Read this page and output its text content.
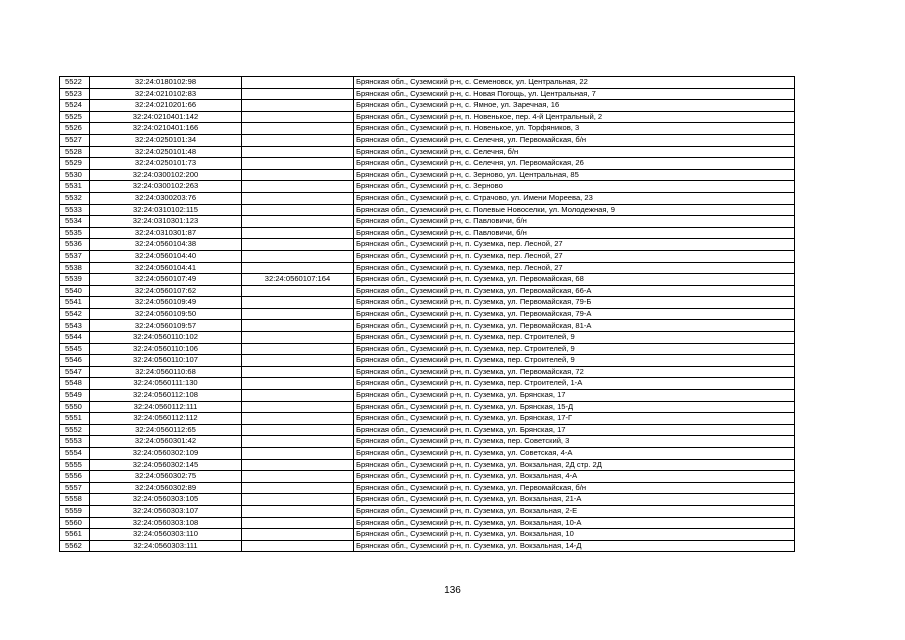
5522	32:24:0180102:98		Брянская обл., Суземский р-н, с. Семеновск, ул. Центральная, 22
5523	32:24:0210102:83		Брянская обл., Суземский р-н, с. Новая Погощь, ул. Центральная, 7
5524	32:24:0210201:66		Брянская обл., Суземский р-н, с. Ямное, ул. Заречная, 16
5525	32:24:0210401:142		Брянская обл., Суземский р-н, п. Новенькое, пер. 4-й Центральный, 2
5526	32:24:0210401:166		Брянская обл., Суземский р-н, п. Новенькое, ул. Торфяников, 3
5527	32:24:0250101:34		Брянская обл., Суземский р-н, с. Селечня, ул. Первомайская, б/н
5528	32:24:0250101:48		Брянская обл., Суземский р-н, с. Селечня, б/н
5529	32:24:0250101:73		Брянская обл., Суземский р-н, с. Селечня, ул. Первомайская, 26
5530	32:24:0300102:200		Брянская обл., Суземский р-н, с. Зерново, ул. Центральная, 85
5531	32:24:0300102:263		Брянская обл., Суземский р-н, с. Зерново
5532	32:24:0300203:76		Брянская обл., Суземский р-н, с. Страчово, ул. Имени Мореева, 23
5533	32:24:0310102:115		Брянская обл., Суземский р-н, с. Полевые Новоселки, ул. Молодежная, 9
5534	32:24:0310301:123		Брянская обл., Суземский р-н, с. Павловичи, б/н
5535	32:24:0310301:87		Брянская обл., Суземский р-н, с. Павловичи, б/н
5536	32:24:0560104:38		Брянская обл., Суземский р-н, п. Суземка, пер. Лесной, 27
5537	32:24:0560104:40		Брянская обл., Суземский р-н, п. Суземка, пер. Лесной, 27
5538	32:24:0560104:41		Брянская обл., Суземский р-н, п. Суземка, пер. Лесной, 27
5539	32:24:0560107:49	32:24:0560107:164	Брянская обл., Суземский р-н, п. Суземка, ул. Первомайская, 68
5540	32:24:0560107:62		Брянская обл., Суземский р-н, п. Суземка, ул. Первомайская, 66-А
5541	32:24:0560109:49		Брянская обл., Суземский р-н, п. Суземка, ул. Первомайская, 79-Б
5542	32:24:0560109:50		Брянская обл., Суземский р-н, п. Суземка, ул. Первомайская, 79-А
5543	32:24:0560109:57		Брянская обл., Суземский р-н, п. Суземка, ул. Первомайская, 81-А
5544	32:24:0560110:102		Брянская обл., Суземский р-н, п. Суземка, пер. Строителей, 9
5545	32:24:0560110:106		Брянская обл., Суземский р-н, п. Суземка, пер. Строителей, 9
5546	32:24:0560110:107		Брянская обл., Суземский р-н, п. Суземка, пер. Строителей, 9
5547	32:24:0560110:68		Брянская обл., Суземский р-н, п. Суземка, ул. Первомайская, 72
5548	32:24:0560111:130		Брянская обл., Суземский р-н, п. Суземка, пер. Строителей, 1-А
5549	32:24:0560112:108		Брянская обл., Суземский р-н, п. Суземка, ул. Брянская, 17
5550	32:24:0560112:111		Брянская обл., Суземский р-н, п. Суземка, ул. Брянская, 15-Д
5551	32:24:0560112:112		Брянская обл., Суземский р-н, п. Суземка, ул. Брянская, 17-Г
5552	32:24:0560112:65		Брянская обл., Суземский р-н, п. Суземка, ул. Брянская, 17
5553	32:24:0560301:42		Брянская обл., Суземский р-н, п. Суземка, пер. Советский, 3
5554	32:24:0560302:109		Брянская обл., Суземский р-н, п. Суземка, ул. Советская, 4-А
5555	32:24:0560302:145		Брянская обл., Суземский р-н, п. Суземка, ул. Вокзальная, 2Д стр. 2Д
5556	32:24:0560302:75		Брянская обл., Суземский р-н, п. Суземка, ул. Вокзальная, 4-А
5557	32:24:0560302:89		Брянская обл., Суземский р-н, п. Суземка, ул. Первомайская, б/н
5558	32:24:0560303:105		Брянская обл., Суземский р-н, п. Суземка, ул. Вокзальная, 21-А
5559	32:24:0560303:107		Брянская обл., Суземский р-н, п. Суземка, ул. Вокзальная, 2-Е
5560	32:24:0560303:108		Брянская обл., Суземский р-н, п. Суземка, ул. Вокзальная, 10-А
5561	32:24:0560303:110		Брянская обл., Суземский р-н, п. Суземка, ул. Вокзальная, 10
5562	32:24:0560303:111		Брянская обл., Суземский р-н, п. Суземка, ул. Вокзальная, 14-Д
136
